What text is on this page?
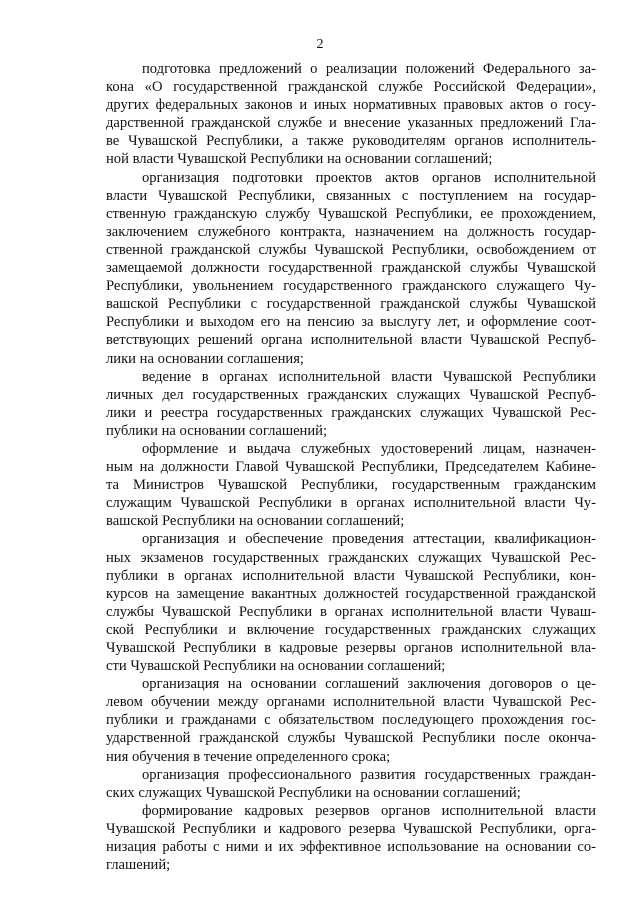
2
подготовка предложений о реализации положений Федерального за-
кона «О государственной гражданской службе Российской Федерации»,
других федеральных законов и иных нормативных правовых актов о госу-
дарственной гражданской службе и внесение указанных предложений Гла-
ве Чувашской Республики, а также руководителям органов исполнитель-
ной власти Чувашской Республики на основании соглашений;
организация подготовки проектов актов органов исполнительной
власти Чувашской Республики, связанных с поступлением на государ-
ственную гражданскую службу Чувашской Республики, ее прохождением,
заключением служебного контракта, назначением на должность государ-
ственной гражданской службы Чувашской Республики, освобождением от
замещаемой должности государственной гражданской службы Чувашской
Республики, увольнением государственного гражданского служащего Чу-
вашской Республики с государственной гражданской службы Чувашской
Республики и выходом его на пенсию за выслугу лет, и оформление соот-
ветствующих решений органа исполнительной власти Чувашской Респуб-
лики на основании соглашения;
ведение в органах исполнительной власти Чувашской Республики
личных дел государственных гражданских служащих Чувашской Респуб-
лики и реестра государственных гражданских служащих Чувашской Рес-
публики на основании соглашений;
оформление и выдача служебных удостоверений лицам, назначен-
ным на должности Главой Чувашской Республики, Председателем Кабине-
та Министров Чувашской Республики, государственным гражданским
служащим Чувашской Республики в органах исполнительной власти Чу-
вашской Республики на основании соглашений;
организация и обеспечение проведения аттестации, квалификацион-
ных экзаменов государственных гражданских служащих Чувашской Рес-
публики в органах исполнительной власти Чувашской Республики, кон-
курсов на замещение вакантных должностей государственной гражданской
службы Чувашской Республики в органах исполнительной власти Чуваш-
ской Республики и включение государственных гражданских служащих
Чувашской Республики в кадровые резервы органов исполнительной вла-
сти Чувашской Республики на основании соглашений;
организация на основании соглашений заключения договоров о це-
левом обучении между органами исполнительной власти Чувашской Рес-
публики и гражданами с обязательством последующего прохождения гос-
ударственной гражданской службы Чувашской Республики после оконча-
ния обучения в течение определенного срока;
организация профессионального развития государственных граждан-
ских служащих Чувашской Республики на основании соглашений;
формирование кадровых резервов органов исполнительной власти
Чувашской Республики и кадрового резерва Чувашской Республики, орга-
низация работы с ними и их эффективное использование на основании со-
глашений;
